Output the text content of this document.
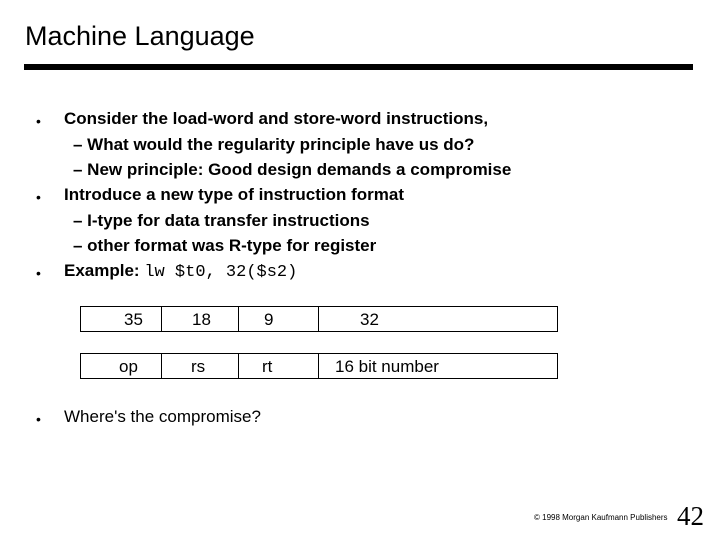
Machine Language
• Consider the load-word and store-word instructions,
– What would the regularity principle have us do?
– New principle: Good design demands a compromise
• Introduce a new type of instruction format
– I-type for data transfer instructions
– other format was R-type for register
• Example: lw $t0, 32($s2)
35	18	9	32
op	rs	rt	16 bit number
• Where's the compromise?
© 1998 Morgan Kaufmann Publishers 42
